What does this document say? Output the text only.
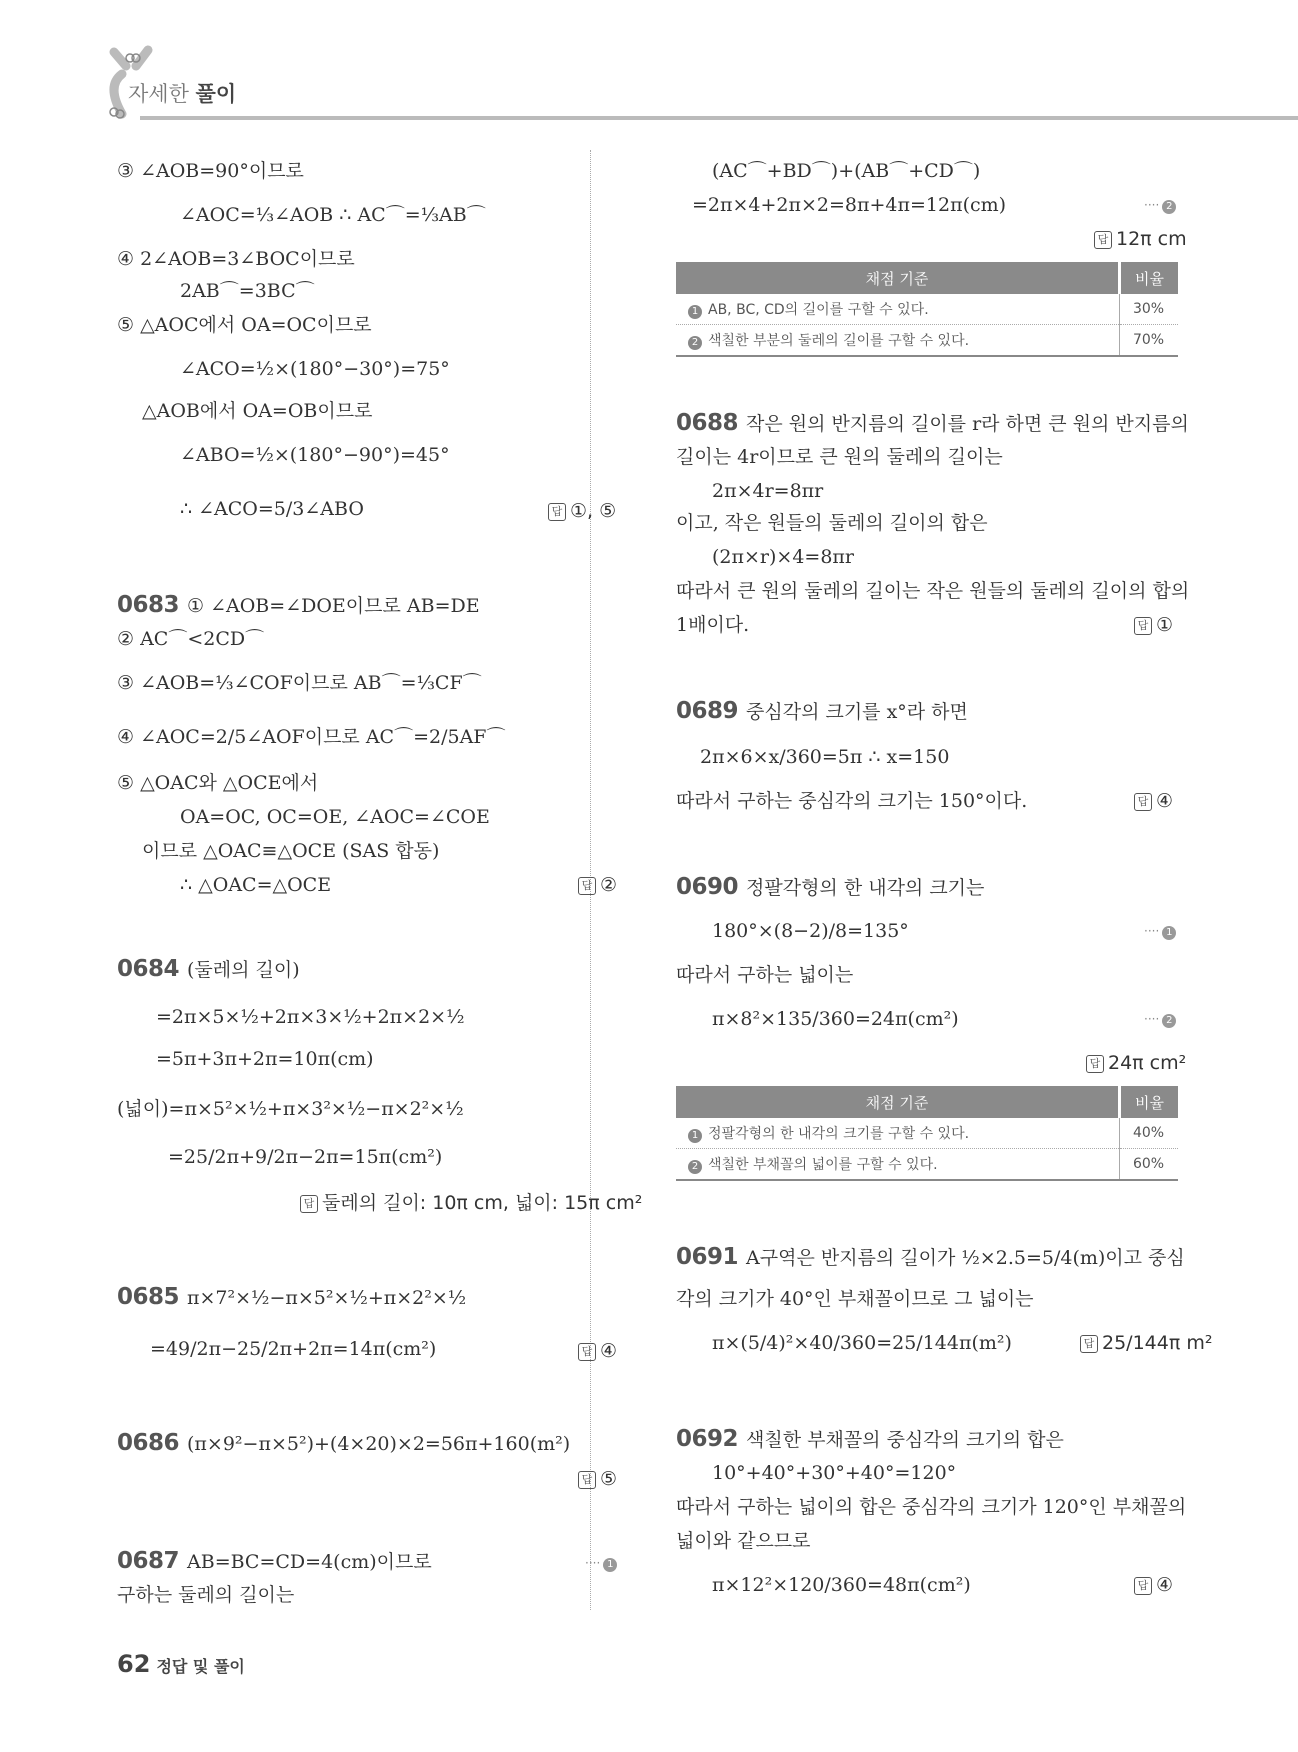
자세한 풀이
③ ∠AOB=90°이므로
∠AOC=⅓∠AOB ∴ AC⌒=⅓AB⌒
④ 2∠AOB=3∠BOC이므로
2AB⌒=3BC⌒
⑤ △AOC에서 OA=OC이므로
∠ACO=½×(180°−30°)=75°
△AOB에서 OA=OB이므로
∠ABO=½×(180°−90°)=45°
∴ ∠ACO=5/3∠ABO	답 ①, ⑤
0683 ① ∠AOB=∠DOE이므로 AB=DE
② AC⌒<2CD⌒
③ ∠AOB=⅓∠COF이므로 AB⌒=⅓CF⌒
④ ∠AOC=2/5∠AOF이므로 AC⌒=2/5AF⌒
⑤ △OAC와 △OCE에서
OA=OC, OC=OE, ∠AOC=∠COE
이므로 △OAC≡△OCE (SAS 합동)
∴ △OAC=△OCE	답 ②
0684 (둘레의 길이)
=2π×5×½+2π×3×½+2π×2×½
=5π+3π+2π=10π(cm)
(넓이)=π×5²×½+π×3²×½−π×2²×½
=25/2π+9/2π−2π=15π(cm²)
답 둘레의 길이: 10π cm, 넓이: 15π cm²
0685 π×7²×½−π×5²×½+π×2²×½
=49/2π−25/2π+2π=14π(cm²)	답 ④
0686 (π×9²−π×5²)+(4×20)×2=56π+160(m²)
답 ⑤
0687 AB=BC=CD=4(cm)이므로	···· 1
구하는 둘레의 길이는
(AC⌒+BD⌒)+(AB⌒+CD⌒)
=2π×4+2π×2=8π+4π=12π(cm)	···· 2
답 12π cm
채점 기준	비율
1 AB, BC, CD의 길이를 구할 수 있다.	30%
2 색칠한 부분의 둘레의 길이를 구할 수 있다.	70%
0688 작은 원의 반지름의 길이를 r라 하면 큰 원의 반지름의
길이는 4r이므로 큰 원의 둘레의 길이는
2π×4r=8πr
이고, 작은 원들의 둘레의 길이의 합은
(2π×r)×4=8πr
따라서 큰 원의 둘레의 길이는 작은 원들의 둘레의 길이의 합의
1배이다.	답 ①
0689 중심각의 크기를 x°라 하면
2π×6×x/360=5π ∴ x=150
따라서 구하는 중심각의 크기는 150°이다.	답 ④
0690 정팔각형의 한 내각의 크기는
180°×(8−2)/8=135°	···· 1
따라서 구하는 넓이는
π×8²×135/360=24π(cm²)	···· 2
답 24π cm²
채점 기준	비율
1 정팔각형의 한 내각의 크기를 구할 수 있다.	40%
2 색칠한 부채꼴의 넓이를 구할 수 있다.	60%
0691 A구역은 반지름의 길이가 ½×2.5=5/4(m)이고 중심
각의 크기가 40°인 부채꼴이므로 그 넓이는
π×(5/4)²×40/360=25/144π(m²)	답 25/144π m²
0692 색칠한 부채꼴의 중심각의 크기의 합은
10°+40°+30°+40°=120°
따라서 구하는 넓이의 합은 중심각의 크기가 120°인 부채꼴의
넓이와 같으므로
π×12²×120/360=48π(cm²)	답 ④
62 정답 및 풀이
